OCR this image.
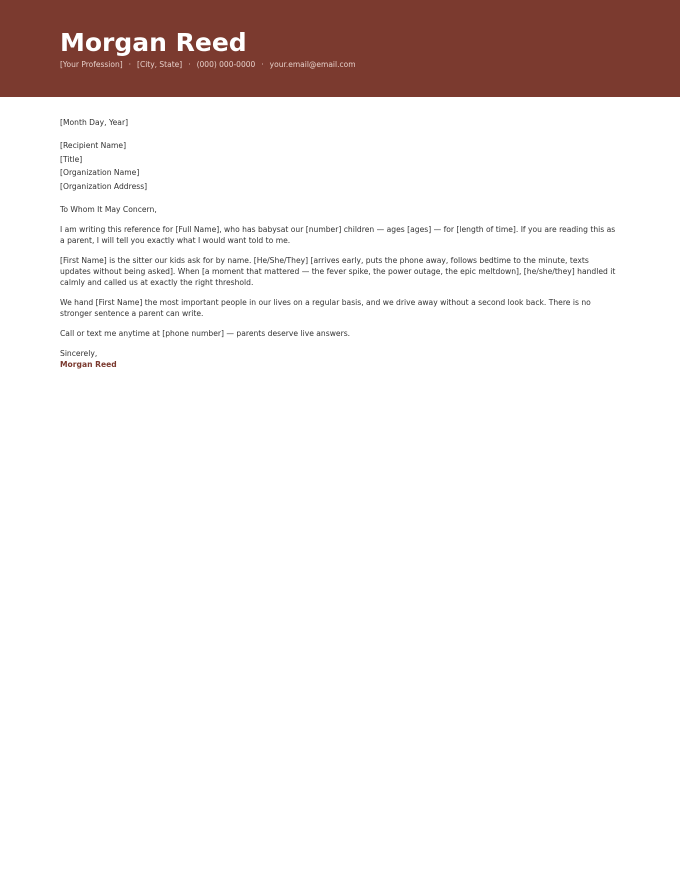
Morgan Reed
[Your Profession] · [City, State] · (000) 000-0000 · your.email@email.com

[Month Day, Year]

[Recipient Name]
[Title]
[Organization Name]
[Organization Address]

To Whom It May Concern,

I am writing this reference for [Full Name], who has babysat our [number] children — ages [ages] — for [length of time]. If you are reading this as a parent, I will tell you exactly what I would want told to me.

[First Name] is the sitter our kids ask for by name. [He/She/They] [arrives early, puts the phone away, follows bedtime to the minute, texts updates without being asked]. When [a moment that mattered — the fever spike, the power outage, the epic meltdown], [he/she/they] handled it calmly and called us at exactly the right threshold.

We hand [First Name] the most important people in our lives on a regular basis, and we drive away without a second look back. There is no stronger sentence a parent can write.

Call or text me anytime at [phone number] — parents deserve live answers.

Sincerely,

Morgan Reed
